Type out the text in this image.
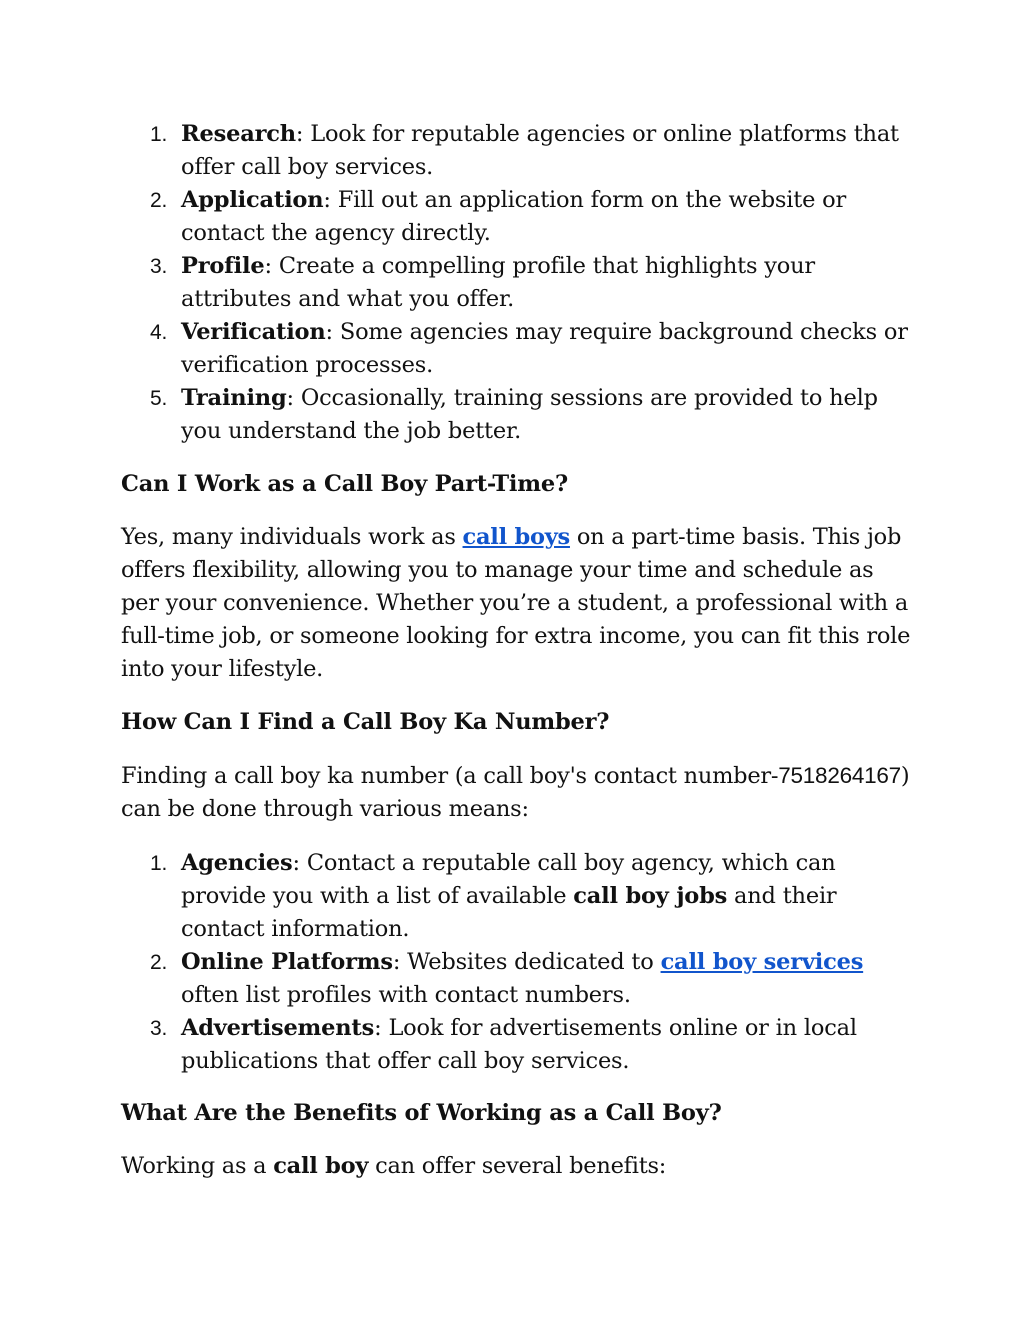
1. Research: Look for reputable agencies or online platforms that offer call boy services.
2. Application: Fill out an application form on the website or contact the agency directly.
3. Profile: Create a compelling profile that highlights your attributes and what you offer.
4. Verification: Some agencies may require background checks or verification processes.
5. Training: Occasionally, training sessions are provided to help you understand the job better.
Can I Work as a Call Boy Part-Time?

Yes, many individuals work as call boys on a part-time basis. This job offers flexibility, allowing you to manage your time and schedule as per your convenience. Whether you’re a student, a professional with a full-time job, or someone looking for extra income, you can fit this role into your lifestyle.

How Can I Find a Call Boy Ka Number?

Finding a call boy ka number (a call boy's contact number-7518264167) can be done through various means:

1. Agencies: Contact a reputable call boy agency, which can provide you with a list of available call boy jobs and their contact information.
2. Online Platforms: Websites dedicated to call boy services often list profiles with contact numbers.
3. Advertisements: Look for advertisements online or in local publications that offer call boy services.
What Are the Benefits of Working as a Call Boy?

Working as a call boy can offer several benefits:
